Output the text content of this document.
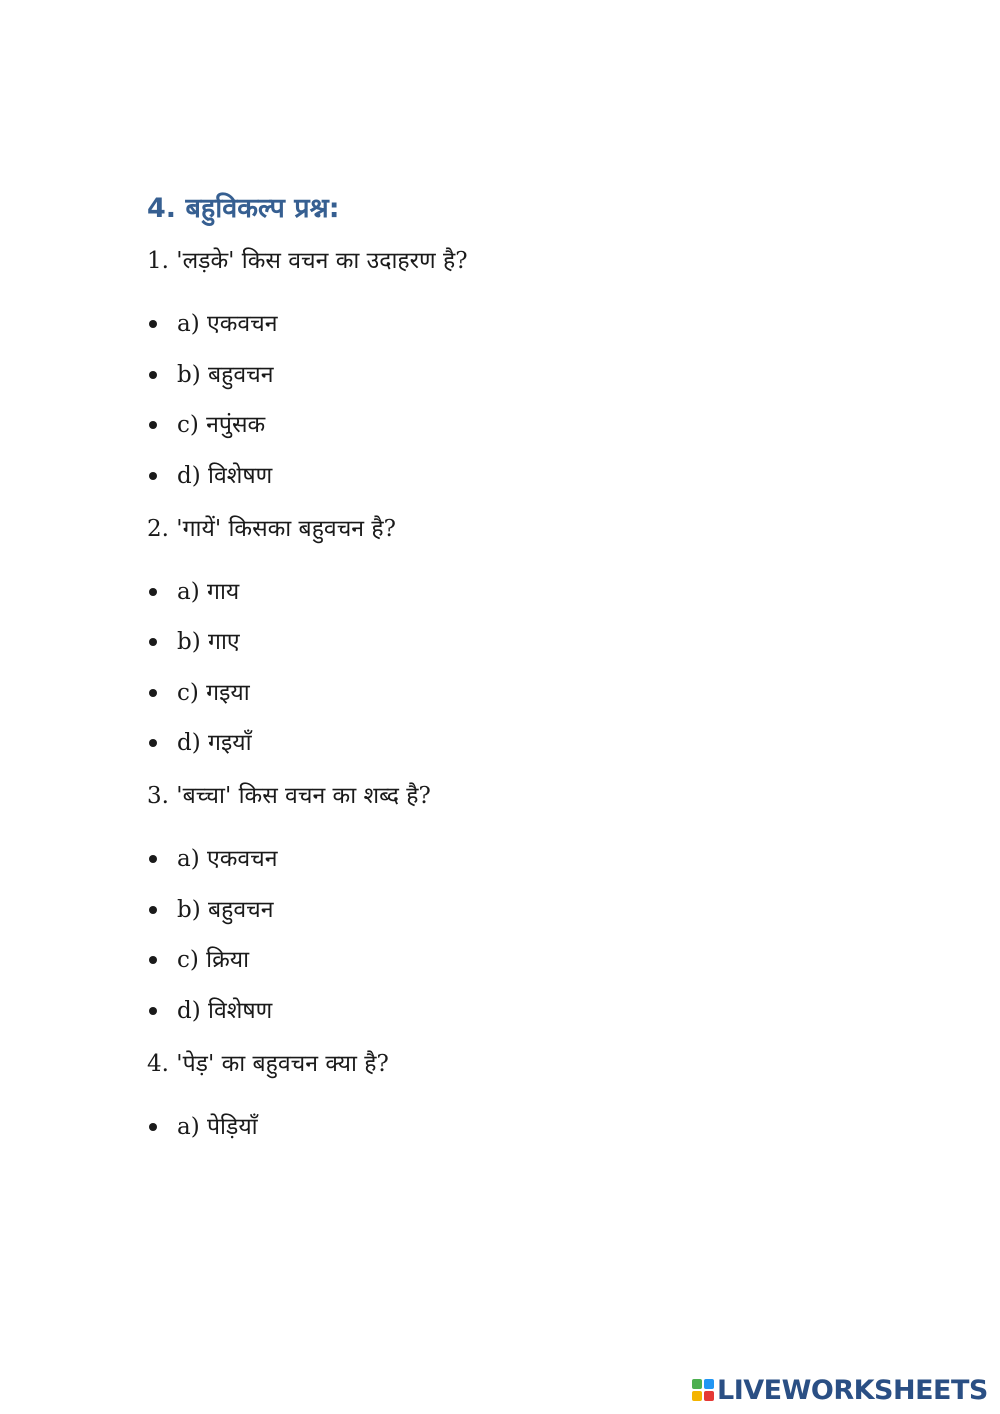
4. बहुविकल्प प्रश्न:

1. 'लड़के' किस वचन का उदाहरण है?

a) एकवचन
b) बहुवचन
c) नपुंसक
d) विशेषण

2. 'गायें' किसका बहुवचन है?

a) गाय
b) गाए
c) गइया
d) गइयाँ

3. 'बच्चा' किस वचन का शब्द है?

a) एकवचन
b) बहुवचन
c) क्रिया
d) विशेषण

4. 'पेड़' का बहुवचन क्या है?

a) पेड़ियाँ
LIVEWORKSHEETS
